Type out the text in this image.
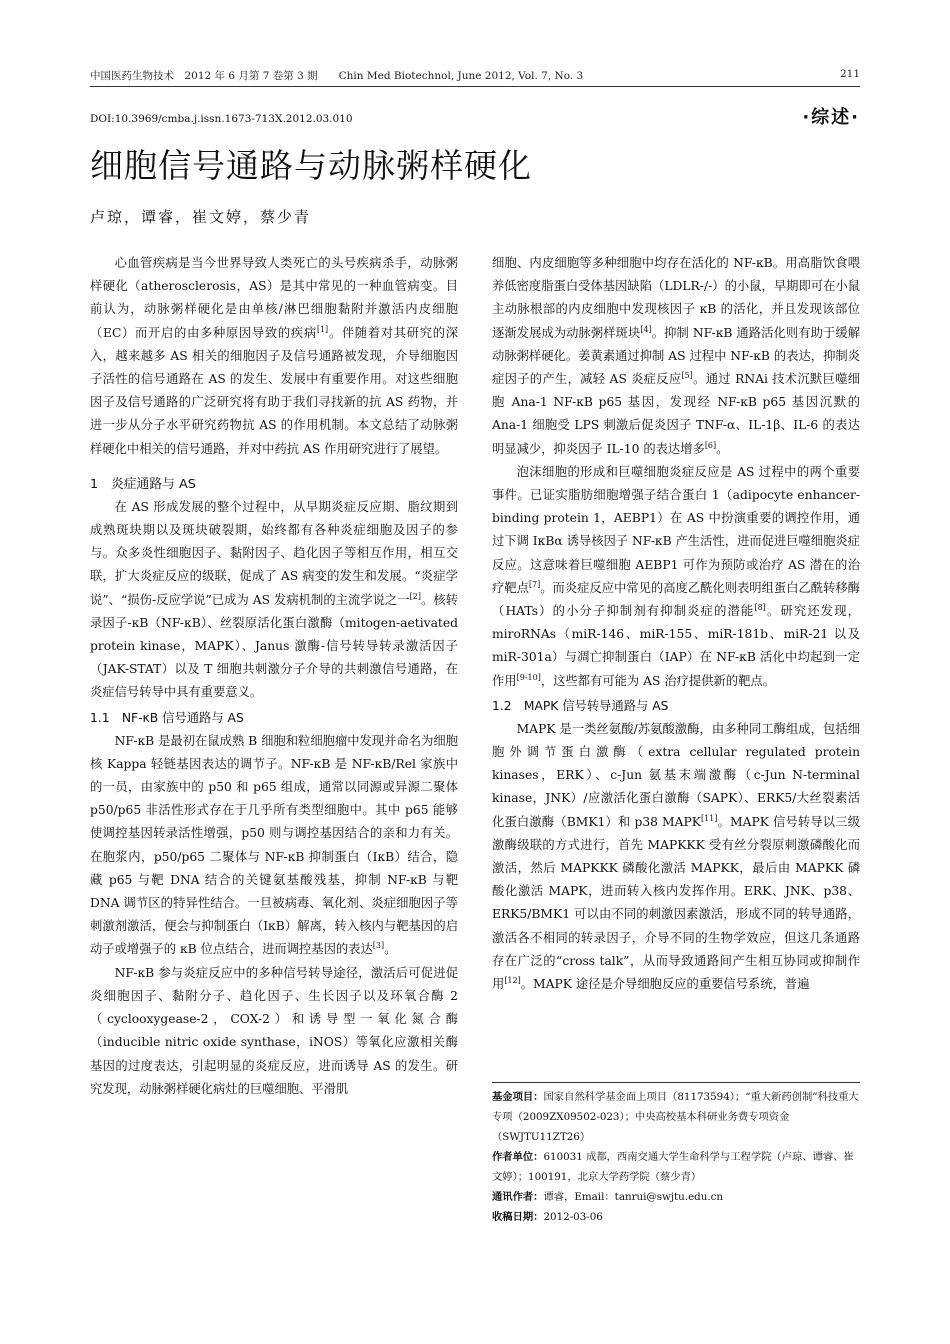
中国医药生物技术　2012 年 6 月第 7 卷第 3 期　　Chin Med Biotechnol, June 2012, Vol. 7, No. 3	211
DOI:10.3969/cmba.j.issn.1673-713X.2012.03.010	·综述·
细胞信号通路与动脉粥样硬化
卢琼，谭睿，崔文婷，蔡少青

心血管疾病是当今世界导致人类死亡的头号疾病杀手，动脉粥样硬化（atherosclerosis，AS）是其中常见的一种血管病变。目前认为，动脉粥样硬化是由单核/淋巴细胞黏附并激活内皮细胞（EC）而开启的由多种原因导致的疾病[1]。伴随着对其研究的深入，越来越多 AS 相关的细胞因子及信号通路被发现，介导细胞因子活性的信号通路在 AS 的发生、发展中有重要作用。对这些细胞因子及信号通路的广泛研究将有助于我们寻找新的抗 AS 药物，并进一步从分子水平研究药物抗 AS 的作用机制。本文总结了动脉粥样硬化中相关的信号通路，并对中药抗 AS 作用研究进行了展望。

1　炎症通路与 AS

在 AS 形成发展的整个过程中，从早期炎症反应期、脂纹期到成熟斑块期以及斑块破裂期，始终都有各种炎症细胞及因子的参与。众多炎性细胞因子、黏附因子、趋化因子等相互作用，相互交联，扩大炎症反应的级联，促成了 AS 病变的发生和发展。“炎症学说”、“损伤-反应学说”已成为 AS 发病机制的主流学说之一[2]。核转录因子-κB（NF-κB）、丝裂原活化蛋白激酶（mitogen-aetivated protein kinase，MAPK）、Janus 激酶-信号转导转录激活因子（JAK-STAT）以及 T 细胞共刺激分子介导的共刺激信号通路，在炎症信号转导中具有重要意义。

1.1　NF-κB 信号通路与 AS

NF-κB 是最初在鼠成熟 B 细胞和粒细胞瘤中发现并命名为细胞核 Kappa 轻链基因表达的调节子。NF-κB 是 NF-κB/Rel 家族中的一员，由家族中的 p50 和 p65 组成，通常以同源或异源二聚体 p50/p65 非活性形式存在于几乎所有类型细胞中。其中 p65 能够使调控基因转录活性增强，p50 则与调控基因结合的亲和力有关。在胞浆内，p50/p65 二聚体与 NF-κB 抑制蛋白（IκB）结合，隐藏 p65 与靶 DNA 结合的关键氨基酸残基，抑制 NF-κB 与靶 DNA 调节区的特异性结合。一旦被病毒、氧化剂、炎症细胞因子等刺激剂激活，便会与抑制蛋白（IκB）解离，转入核内与靶基因的启动子或增强子的 κB 位点结合，进而调控基因的表达[3]。

NF-κB 参与炎症反应中的多种信号转导途径，激活后可促进促炎细胞因子、黏附分子、趋化因子、生长因子以及环氧合酶 2（cyclooxygease-2，COX-2）和诱导型一氧化氮合酶（inducible nitric oxide synthase，iNOS）等氧化应激相关酶基因的过度表达，引起明显的炎症反应，进而诱导 AS 的发生。研究发现，动脉粥样硬化病灶的巨噬细胞、平滑肌

细胞、内皮细胞等多种细胞中均存在活化的 NF-κB。用高脂饮食喂养低密度脂蛋白受体基因缺陷（LDLR-/-）的小鼠，早期即可在小鼠主动脉根部的内皮细胞中发现核因子 κB 的活化，并且发现该部位逐渐发展成为动脉粥样斑块[4]。抑制 NF-κB 通路活化则有助于缓解动脉粥样硬化。姜黄素通过抑制 AS 过程中 NF-κB 的表达，抑制炎症因子的产生，减轻 AS 炎症反应[5]。通过 RNAi 技术沉默巨噬细胞 Ana-1 NF-κB p65 基因，发现经 NF-κB p65 基因沉默的 Ana-1 细胞受 LPS 刺激后促炎因子 TNF-α、IL-1β、IL-6 的表达明显减少，抑炎因子 IL-10 的表达增多[6]。

泡沫细胞的形成和巨噬细胞炎症反应是 AS 过程中的两个重要事件。已证实脂肪细胞增强子结合蛋白 1（adipocyte enhancer-binding protein 1，AEBP1）在 AS 中扮演重要的调控作用，通过下调 IκBα 诱导核因子 NF-κB 产生活性，进而促进巨噬细胞炎症反应。这意味着巨噬细胞 AEBP1 可作为预防或治疗 AS 潜在的治疗靶点[7]。而炎症反应中常见的高度乙酰化则表明组蛋白乙酰转移酶（HATs）的小分子抑制剂有抑制炎症的潜能[8]。研究还发现，miroRNAs（miR-146、miR-155、miR-181b、miR-21 以及 miR-301a）与凋亡抑制蛋白（IAP）在 NF-κB 活化中均起到一定作用[9-10]，这些都有可能为 AS 治疗提供新的靶点。

1.2　MAPK 信号转导通路与 AS

MAPK 是一类丝氨酸/苏氨酸激酶，由多种同工酶组成，包括细胞外调节蛋白激酶（extra cellular regulated protein kinases，ERK）、c-Jun 氨基末端激酶（c-Jun N-terminal kinase，JNK）/应激活化蛋白激酶（SAPK）、ERK5/大丝裂素活化蛋白激酶（BMK1）和 p38 MAPK[11]。MAPK 信号转导以三级激酶级联的方式进行，首先 MAPKKK 受有丝分裂原刺激磷酸化而激活，然后 MAPKKK 磷酸化激活 MAPKK，最后由 MAPKK 磷酸化激活 MAPK，进而转入核内发挥作用。ERK、JNK、p38、ERK5/BMK1 可以由不同的刺激因素激活，形成不同的转导通路，激活各不相同的转录因子，介导不同的生物学效应，但这几条通路存在广泛的“cross talk”，从而导致通路间产生相互协同或抑制作用[12]。MAPK 途径是介导细胞反应的重要信号系统，普遍

基金项目：国家自然科学基金面上项目（81173594）；“重大新药创制”科技重大专项（2009ZX09502-023）；中央高校基本科研业务费专项资金（SWJTU11ZT26）

作者单位：610031 成都，西南交通大学生命科学与工程学院（卢琼、谭睿、崔文婷）；100191，北京大学药学院（蔡少青）

通讯作者：谭睿，Email：tanrui@swjtu.edu.cn

收稿日期：2012-03-06
